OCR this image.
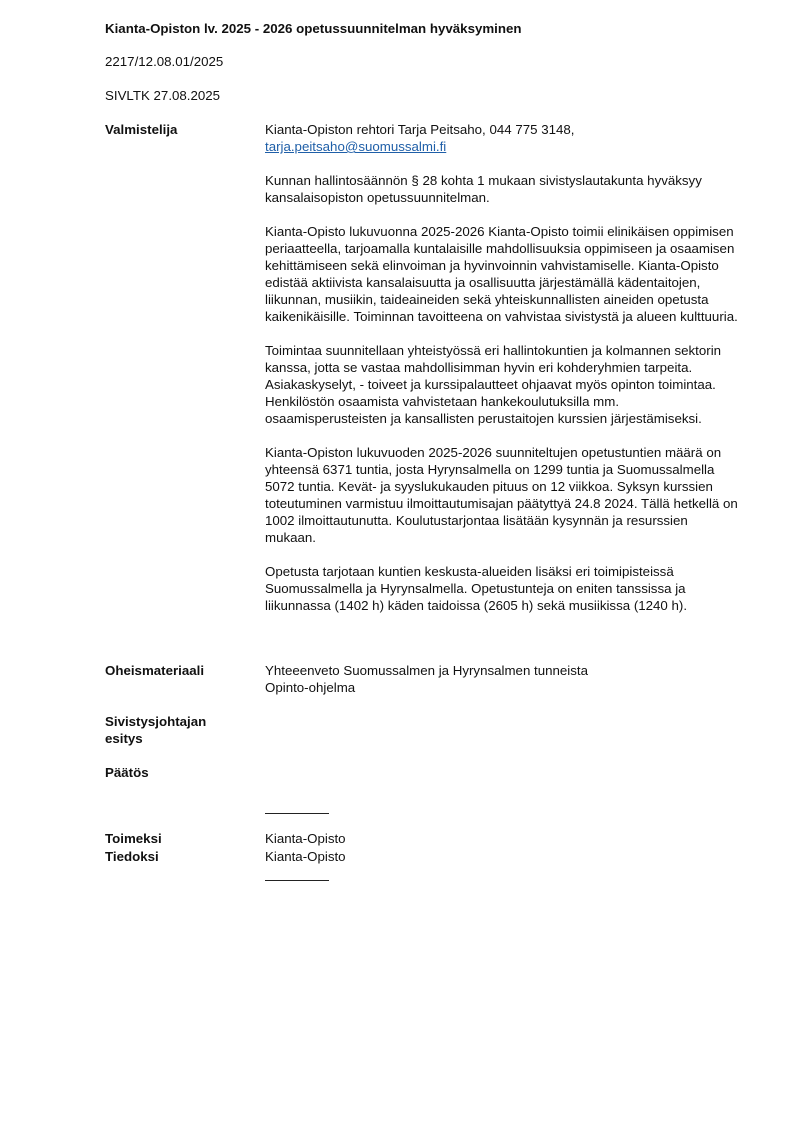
Kianta-Opiston lv. 2025 - 2026 opetussuunnitelman hyväksyminen
2217/12.08.01/2025
SIVLTK 27.08.2025
Valmistelija	Kianta-Opiston rehtori Tarja Peitsaho, 044 775 3148,
tarja.peitsaho@suomussalmi.fi

Kunnan hallintosäännön § 28 kohta 1 mukaan sivistyslautakunta hyväksyy kansalaisopiston opetussuunnitelman.

Kianta-Opisto lukuvuonna 2025-2026 Kianta-Opisto toimii elinikäisen oppimisen periaatteella, tarjoamalla kuntalaisille mahdollisuuksia oppimiseen ja osaamisen kehittämiseen sekä elinvoiman ja hyvinvoinnin vahvistamiselle. Kianta-Opisto edistää aktiivista kansalaisuutta ja osallisuutta järjestämällä kädentaitojen, liikunnan, musiikin, taideaineiden sekä yhteiskunnallisten aineiden opetusta kaikenikäisille. Toiminnan tavoitteena on vahvistaa sivistystä ja alueen kulttuuria.

Toimintaa suunnitellaan yhteistyössä eri hallintokuntien ja kolmannen sektorin kanssa, jotta se vastaa mahdollisimman hyvin eri kohderyhmien tarpeita. Asiakaskyselyt, - toiveet ja kurssipalautteet ohjaavat myös opinton toimintaa. Henkilöstön osaamista vahvistetaan hankekoulutuksilla mm. osaamisperusteisten ja kansallisten perustaitojen kurssien järjestämiseksi.

Kianta-Opiston lukuvuoden 2025-2026 suunniteltujen opetustuntien määrä on yhteensä 6371 tuntia, josta Hyrynsalmella on 1299 tuntia ja Suomussalmella 5072 tuntia. Kevät- ja syyslukukauden pituus on 12 viikkoa. Syksyn kurssien toteutuminen varmistuu ilmoittautumisajan päätyttyä 24.8 2024. Tällä hetkellä on 1002 ilmoittautunutta. Koulutustarjontaa lisätään kysynnän ja resurssien mukaan.

Opetusta tarjotaan kuntien keskusta-alueiden lisäksi eri toimipisteissä Suomussalmella ja Hyrynsalmella. Opetustunteja on eniten tanssissa ja liikunnassa (1402 h) käden taidoissa (2605 h) sekä musiikissa (1240 h).

Oheismateriaali	Yhteeenveto Suomussalmen ja Hyrynsalmen tunneista
Opinto-ohjelma
Sivistysjohtajan esitys
Päätös
Toimeksi	Kianta-Opisto
Tiedoksi	Kianta-Opisto
